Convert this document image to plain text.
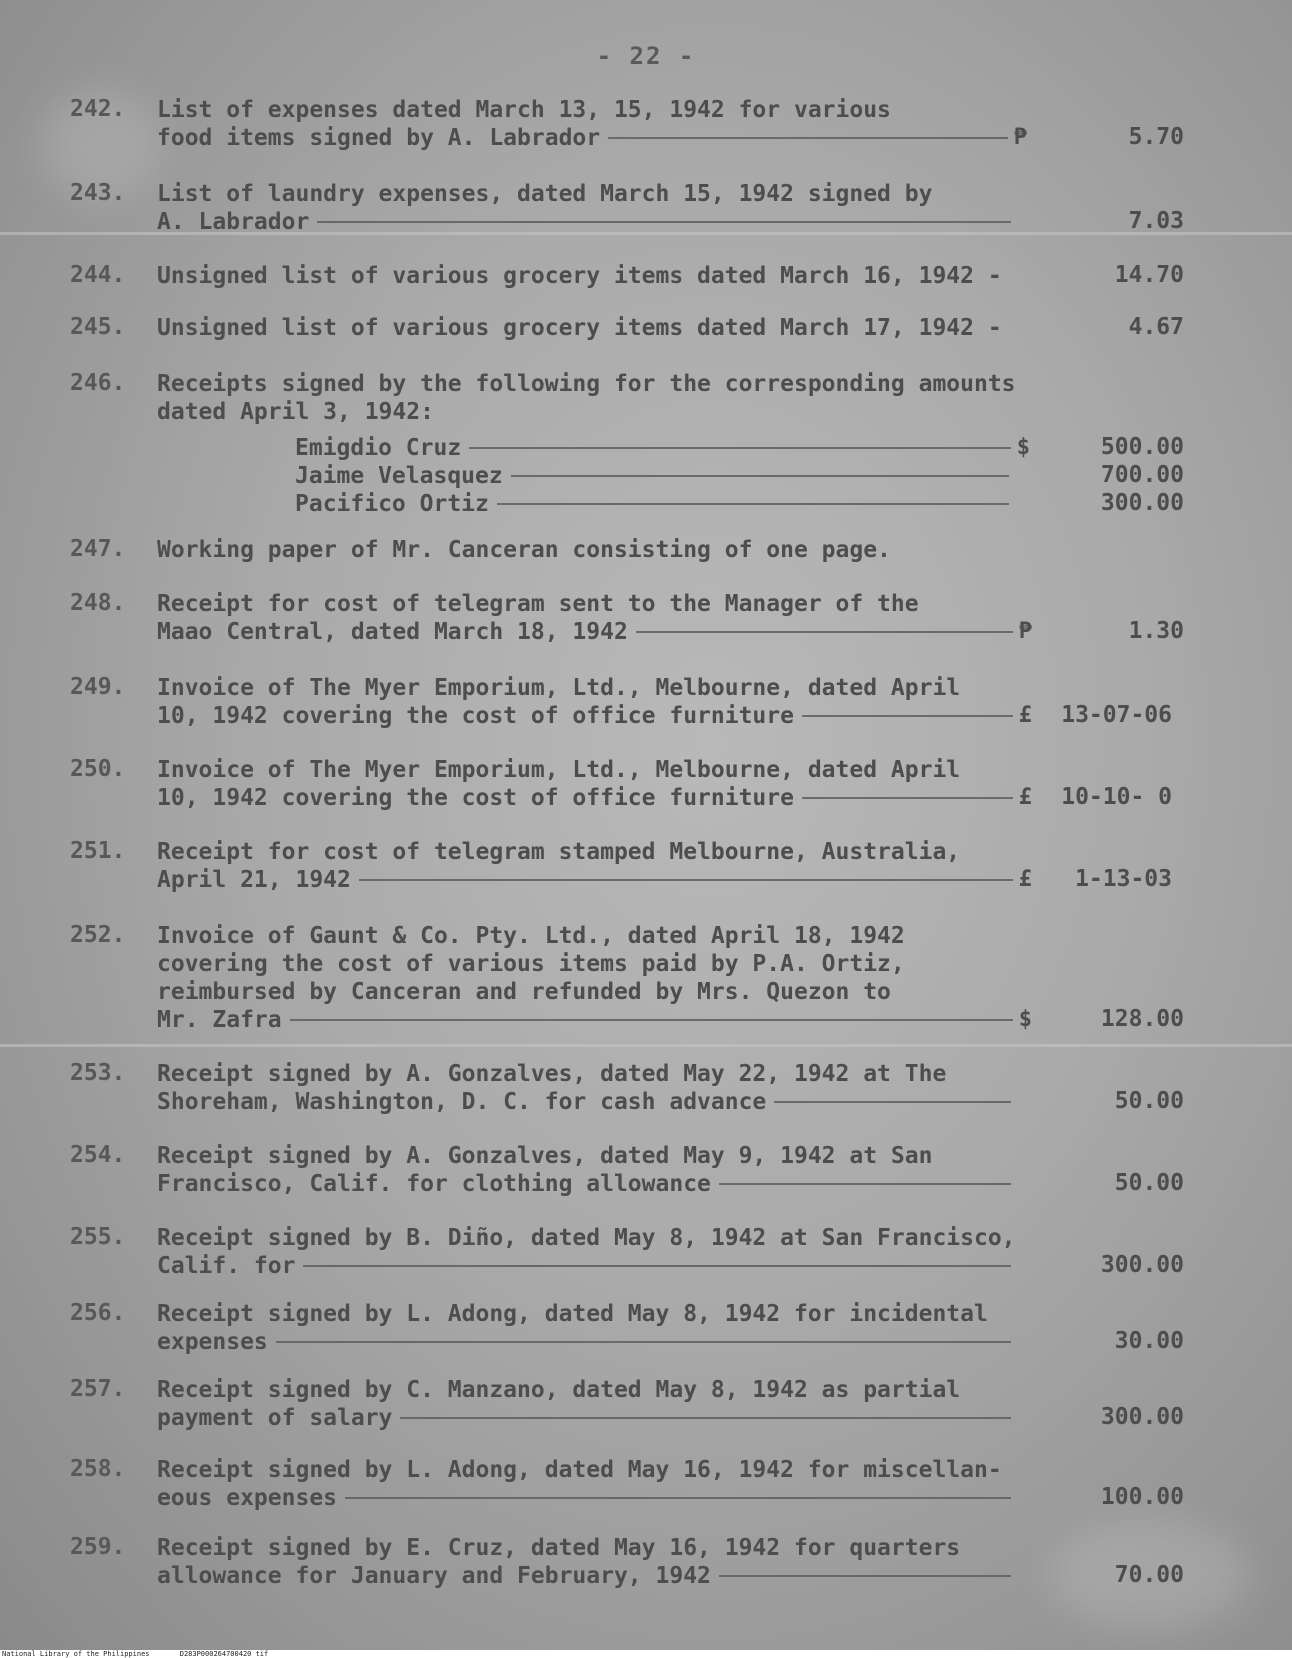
- 22 -
242.	List of expenses dated March 13, 15, 1942 for various
food items signed by A. Labrador	₱	5.70
243.	List of laundry expenses, dated March 15, 1942 signed by
A. Labrador	7.03
244.	Unsigned list of various grocery items dated March 16, 1942 -	14.70
245.	Unsigned list of various grocery items dated March 17, 1942 -	4.67
246.	Receipts signed by the following for the corresponding amounts
dated April 3, 1942:
Emigdio Cruz	$	500.00
Jaime Velasquez	700.00
Pacifico Ortiz	300.00
247.	Working paper of Mr. Canceran consisting of one page.
248.	Receipt for cost of telegram sent to the Manager of the
Maao Central, dated March 18, 1942	₱	1.30
249.	Invoice of The Myer Emporium, Ltd., Melbourne, dated April
10, 1942 covering the cost of office furniture	£ 13-07-06
250.	Invoice of The Myer Emporium, Ltd., Melbourne, dated April
10, 1942 covering the cost of office furniture	£ 10-10- 0
251.	Receipt for cost of telegram stamped Melbourne, Australia,
April 21, 1942	£ 1-13-03
252.	Invoice of Gaunt & Co. Pty. Ltd., dated April 18, 1942
covering the cost of various items paid by P.A. Ortiz,
reimbursed by Canceran and refunded by Mrs. Quezon to
Mr. Zafra	$	128.00
253.	Receipt signed by A. Gonzalves, dated May 22, 1942 at The
Shoreham, Washington, D. C. for cash advance	50.00
254.	Receipt signed by A. Gonzalves, dated May 9, 1942 at San
Francisco, Calif. for clothing allowance	50.00
255.	Receipt signed by B. Diño, dated May 8, 1942 at San Francisco,
Calif. for	300.00
256.	Receipt signed by L. Adong, dated May 8, 1942 for incidental
expenses	30.00
257.	Receipt signed by C. Manzano, dated May 8, 1942 as partial
payment of salary	300.00
258.	Receipt signed by L. Adong, dated May 16, 1942 for miscellan-
eous expenses	100.00
259.	Receipt signed by E. Cruz, dated May 16, 1942 for quarters
allowance for January and February, 1942	70.00
National Library of the Philippines	D283P000264700420 tif
